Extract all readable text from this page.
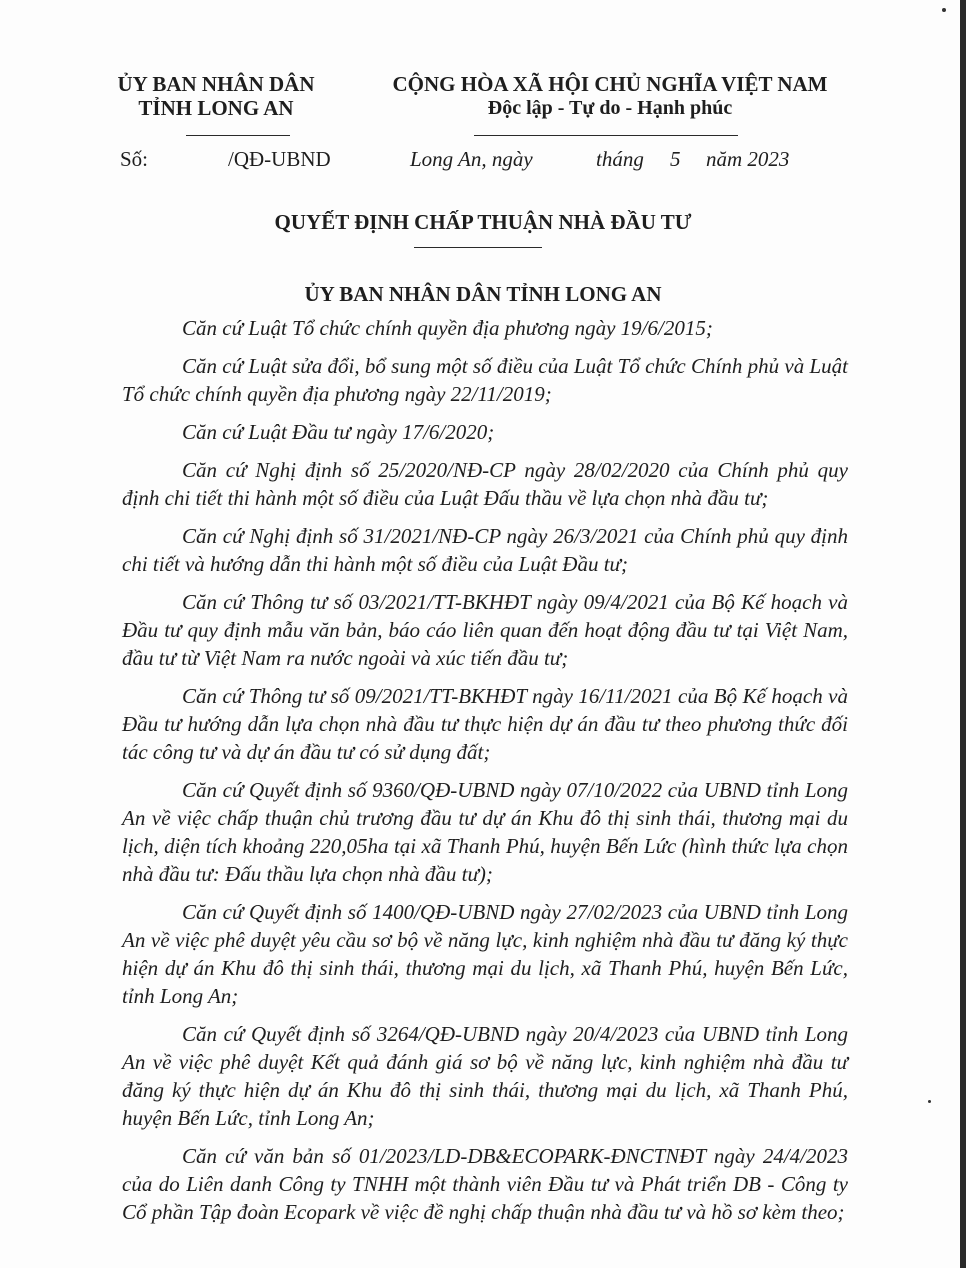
ỦY BAN NHÂN DÂN
TỈNH LONG AN
CỘNG HÒA XÃ HỘI CHỦ NGHĨA VIỆT NAM
Độc lập - Tự do - Hạnh phúc
Số:	/QĐ-UBND	Long An, ngày	tháng 5 năm 2023
QUYẾT ĐỊNH CHẤP THUẬN NHÀ ĐẦU TƯ
ỦY BAN NHÂN DÂN TỈNH LONG AN

Căn cứ Luật Tổ chức chính quyền địa phương ngày 19/6/2015;

Căn cứ Luật sửa đổi, bổ sung một số điều của Luật Tổ chức Chính phủ và Luật Tổ chức chính quyền địa phương ngày 22/11/2019;

Căn cứ Luật Đầu tư ngày 17/6/2020;

Căn cứ Nghị định số 25/2020/NĐ-CP ngày 28/02/2020 của Chính phủ quy định chi tiết thi hành một số điều của Luật Đấu thầu về lựa chọn nhà đầu tư;

Căn cứ Nghị định số 31/2021/NĐ-CP ngày 26/3/2021 của Chính phủ quy định chi tiết và hướng dẫn thi hành một số điều của Luật Đầu tư;

Căn cứ Thông tư số 03/2021/TT-BKHĐT ngày 09/4/2021 của Bộ Kế hoạch và Đầu tư quy định mẫu văn bản, báo cáo liên quan đến hoạt động đầu tư tại Việt Nam, đầu tư từ Việt Nam ra nước ngoài và xúc tiến đầu tư;

Căn cứ Thông tư số 09/2021/TT-BKHĐT ngày 16/11/2021 của Bộ Kế hoạch và Đầu tư hướng dẫn lựa chọn nhà đầu tư thực hiện dự án đầu tư theo phương thức đối tác công tư và dự án đầu tư có sử dụng đất;

Căn cứ Quyết định số 9360/QĐ-UBND ngày 07/10/2022 của UBND tỉnh Long An về việc chấp thuận chủ trương đầu tư dự án Khu đô thị sinh thái, thương mại du lịch, diện tích khoảng 220,05ha tại xã Thanh Phú, huyện Bến Lức (hình thức lựa chọn nhà đầu tư: Đấu thầu lựa chọn nhà đầu tư);

Căn cứ Quyết định số 1400/QĐ-UBND ngày 27/02/2023 của UBND tỉnh Long An về việc phê duyệt yêu cầu sơ bộ về năng lực, kinh nghiệm nhà đầu tư đăng ký thực hiện dự án Khu đô thị sinh thái, thương mại du lịch, xã Thanh Phú, huyện Bến Lức, tỉnh Long An;

Căn cứ Quyết định số 3264/QĐ-UBND ngày 20/4/2023 của UBND tỉnh Long An về việc phê duyệt Kết quả đánh giá sơ bộ về năng lực, kinh nghiệm nhà đầu tư đăng ký thực hiện dự án Khu đô thị sinh thái, thương mại du lịch, xã Thanh Phú, huyện Bến Lức, tỉnh Long An;

Căn cứ văn bản số 01/2023/LD-DB&ECOPARK-ĐNCTNĐT ngày 24/4/2023 của do Liên danh Công ty TNHH một thành viên Đầu tư và Phát triển DB - Công ty Cổ phần Tập đoàn Ecopark về việc đề nghị chấp thuận nhà đầu tư và hồ sơ kèm theo;
